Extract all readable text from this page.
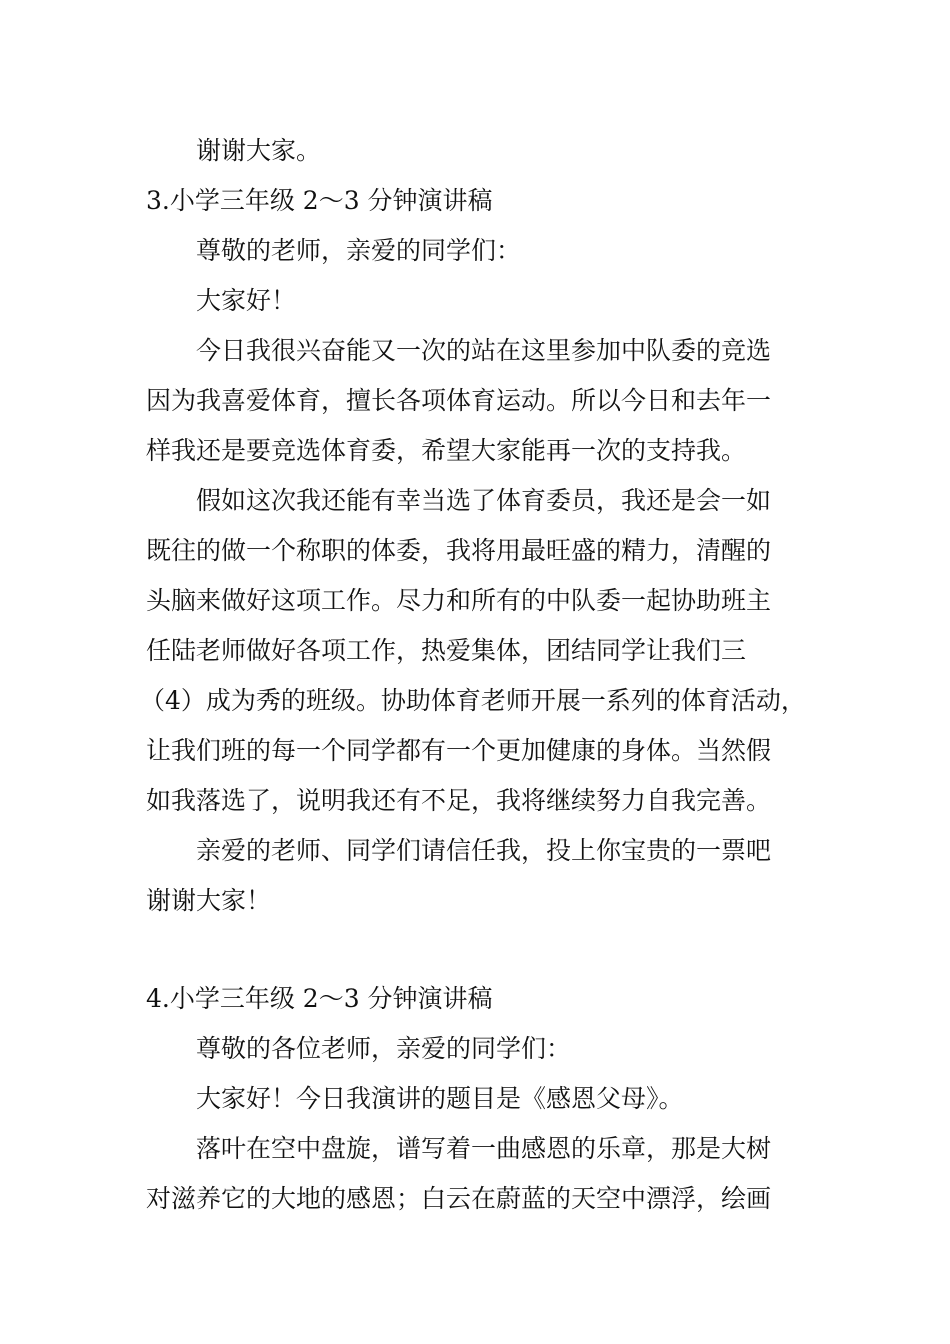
谢谢大家。
3.小学三年级 2～3 分钟演讲稿
尊敬的老师，亲爱的同学们：
大家好！
今日我很兴奋能又一次的站在这里参加中队委的竞选
因为我喜爱体育，擅长各项体育运动。所以今日和去年一
样我还是要竞选体育委，希望大家能再一次的支持我。
假如这次我还能有幸当选了体育委员，我还是会一如
既往的做一个称职的体委，我将用最旺盛的精力，清醒的
头脑来做好这项工作。尽力和所有的中队委一起协助班主
任陆老师做好各项工作，热爱集体，团结同学让我们三
（4）成为秀的班级。协助体育老师开展一系列的体育活动，
让我们班的每一个同学都有一个更加健康的身体。当然假
如我落选了，说明我还有不足，我将继续努力自我完善。
亲爱的老师、同学们请信任我，投上你宝贵的一票吧
谢谢大家！
4.小学三年级 2～3 分钟演讲稿
尊敬的各位老师，亲爱的同学们：
大家好！今日我演讲的题目是《感恩父母》。
落叶在空中盘旋，谱写着一曲感恩的乐章，那是大树
对滋养它的大地的感恩；白云在蔚蓝的天空中漂浮，绘画
